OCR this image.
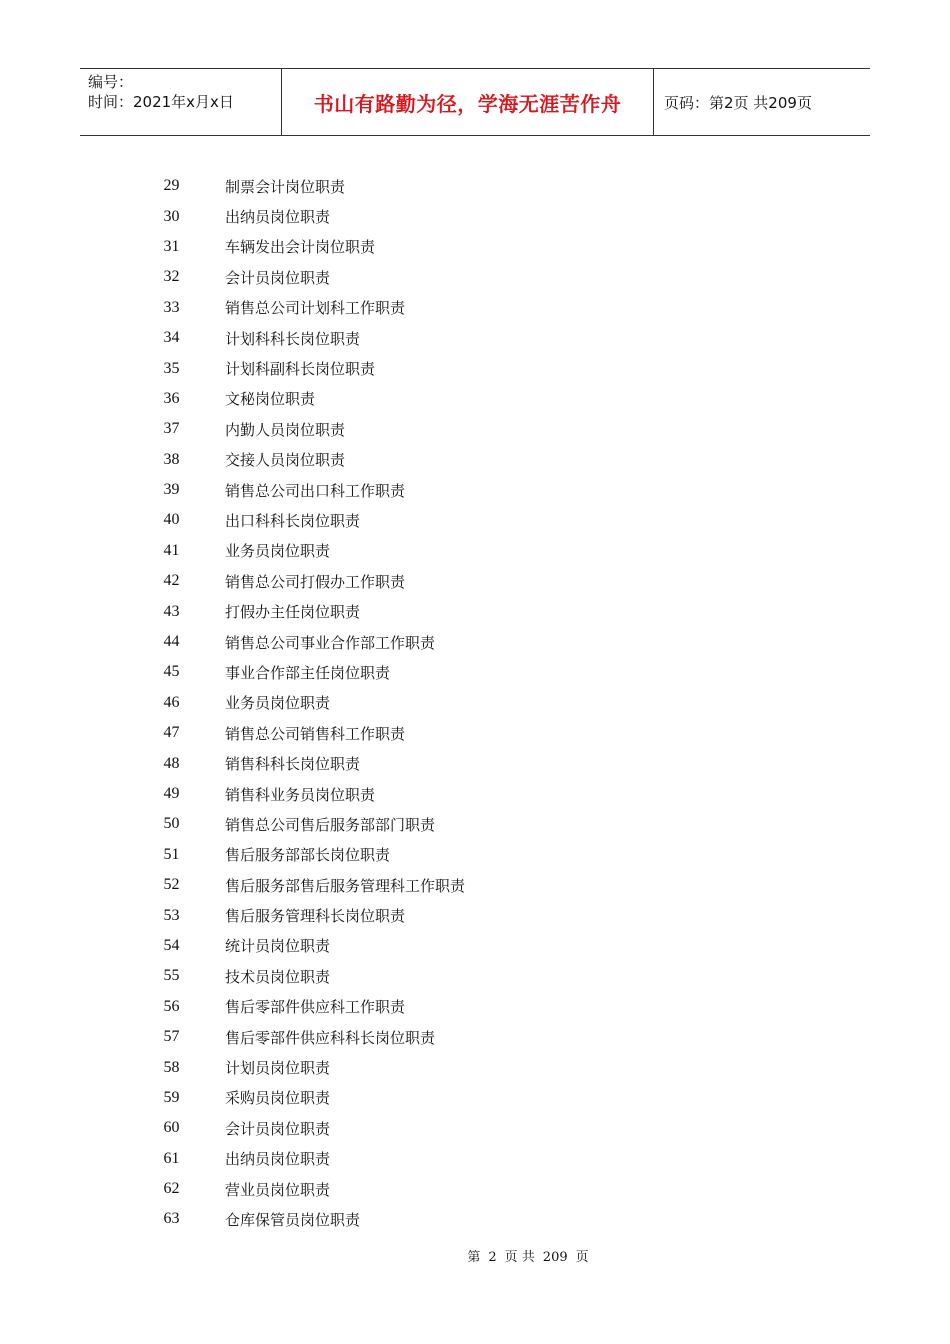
编号：
时间：2021年x月x日	书山有路勤为径，学海无涯苦作舟	页码：第2页 共209页
29	制票会计岗位职责
30	出纳员岗位职责
31	车辆发出会计岗位职责
32	会计员岗位职责
33	销售总公司计划科工作职责
34	计划科科长岗位职责
35	计划科副科长岗位职责
36	文秘岗位职责
37	内勤人员岗位职责
38	交接人员岗位职责
39	销售总公司出口科工作职责
40	出口科科长岗位职责
41	业务员岗位职责
42	销售总公司打假办工作职责
43	打假办主任岗位职责
44	销售总公司事业合作部工作职责
45	事业合作部主任岗位职责
46	业务员岗位职责
47	销售总公司销售科工作职责
48	销售科科长岗位职责
49	销售科业务员岗位职责
50	销售总公司售后服务部部门职责
51	售后服务部部长岗位职责
52	售后服务部售后服务管理科工作职责
53	售后服务管理科长岗位职责
54	统计员岗位职责
55	技术员岗位职责
56	售后零部件供应科工作职责
57	售后零部件供应科科长岗位职责
58	计划员岗位职责
59	采购员岗位职责
60	会计员岗位职责
61	出纳员岗位职责
62	营业员岗位职责
63	仓库保管员岗位职责
第 2 页 共 209 页
